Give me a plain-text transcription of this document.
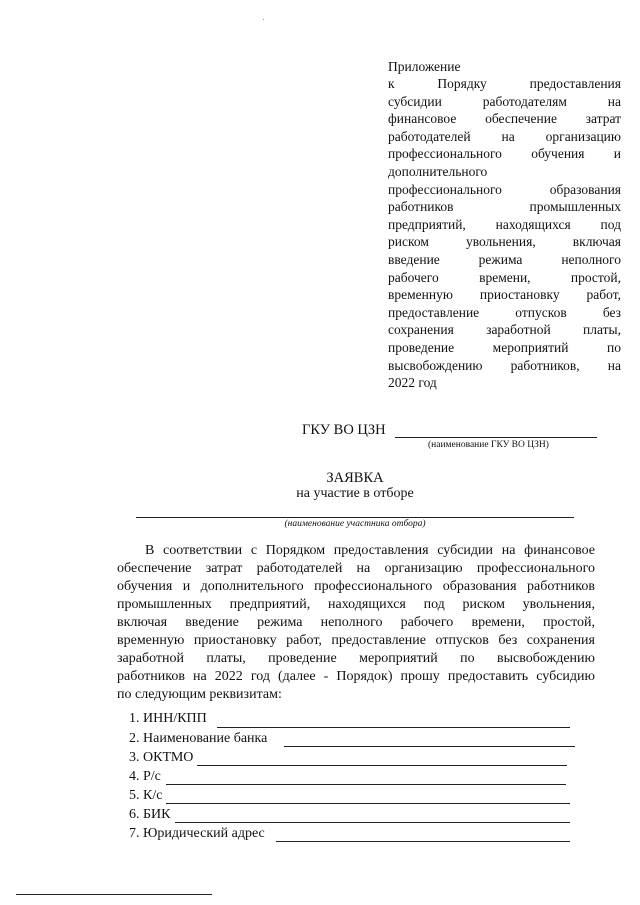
Приложение
к Порядку предоставления
субсидии работодателям на
финансовое обеспечение затрат
работодателей на организацию
профессионального обучения и
дополнительного
профессионального образования
работников промышленных
предприятий, находящихся под
риском увольнения, включая
введение режима неполного
рабочего времени, простой,
временную приостановку работ,
предоставление отпусков без
сохранения заработной платы,
проведение мероприятий по
высвобождению работников, на
2022 год
ГКУ ВО ЦЗН
(наименование ГКУ ВО ЦЗН)
ЗАЯВКА
на участие в отборе
(наименование участника отбора)
В соответствии с Порядком предоставления субсидии на финансовое
обеспечение затрат работодателей на организацию профессионального
обучения и дополнительного профессионального образования работников
промышленных предприятий, находящихся под риском увольнения,
включая введение режима неполного рабочего времени, простой,
временную приостановку работ, предоставление отпусков без сохранения
заработной платы, проведение мероприятий по высвобождению
работников на 2022 год (далее - Порядок) прошу предоставить субсидию
по следующим реквизитам:
1. ИНН/КПП
2. Наименование банка
3. ОКТМО
4. Р/с
5. К/с
6. БИК
7. Юридический адрес
